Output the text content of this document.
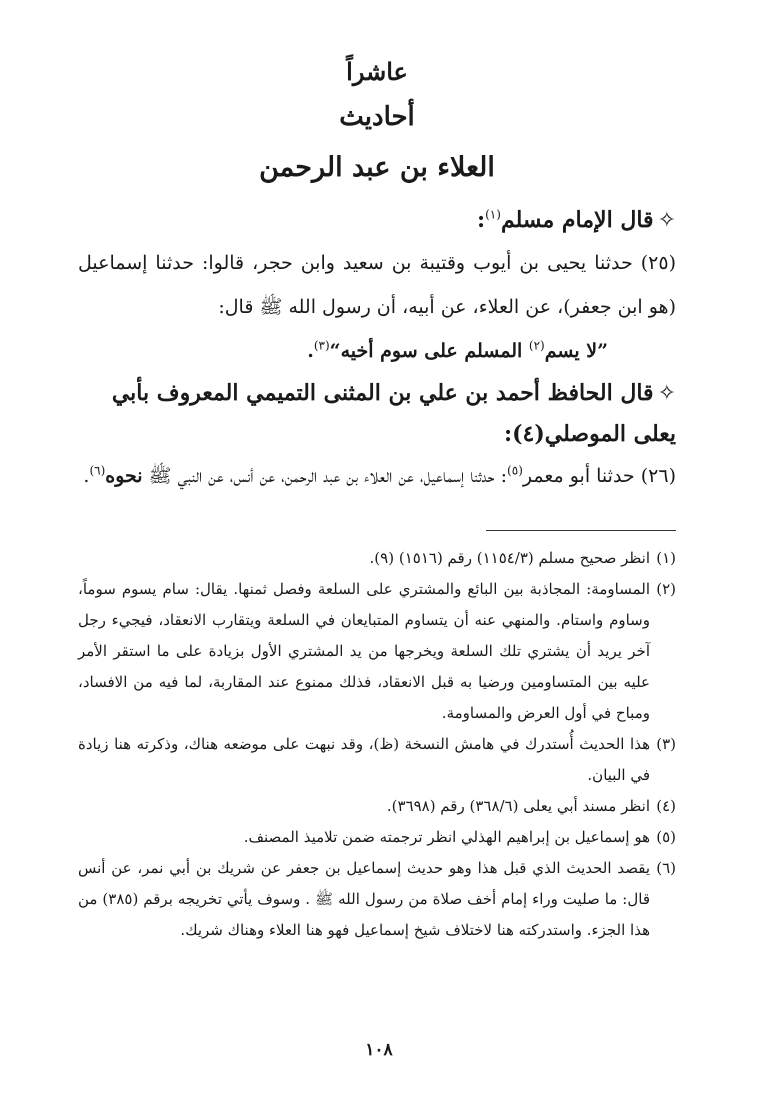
عاشراً
أحاديث
العلاء بن عبد الرحمن

✧قال الإمام مسلم$^{(١)}$:

(٢٥) حدثنا يحيى بن أيوب وقتيبة بن سعيد وابن حجر، قالوا: حدثنا إسماعيل (هو ابن جعفر)، عن العلاء، عن أبيه، أن رسول الله ﷺ قال:

”لا يسم$^{(٢)}$ المسلم على سوم أخيه“$^{(٣)}$.

✧قال الحافظ أحمد بن علي بن المثنى التميمي المعروف بأبي يعلى الموصلي(٤):

(٢٦) حدثنا أبو معمر$^{(٥)}$: حدثنا إسماعيل، عن العلاء بن عبد الرحمن، عن أنس، عن النبي ﷺ نحوه$^{(٦)}$.

(١)
انظر صحيح مسلم (١١٥٤/٣) رقم (١٥١٦) (٩).

(٢)
المساومة: المجاذبة بين البائع والمشتري على السلعة وفصل ثمنها. يقال: سام يسوم سوماً، وساوم واستام. والمنهي عنه أن يتساوم المتبايعان في السلعة ويتقارب الانعقاد، فيجيء رجل آخر يريد أن يشتري تلك السلعة ويخرجها من يد المشتري الأول بزيادة على ما استقر الأمر عليه بين المتساومين ورضيا به قبل الانعقاد، فذلك ممنوع عند المقاربة، لما فيه من الافساد، ومباح في أول العرض والمساومة.

(٣)
هذا الحديث أُستدرك في هامش النسخة (ظ)، وقد نبهت على موضعه هناك، وذكرته هنا زيادة في البيان.

(٤)
انظر مسند أبي يعلى (٣٦٨/٦) رقم (٣٦٩٨).

(٥)
هو إسماعيل بن إبراهيم الهذلي انظر ترجمته ضمن تلاميذ المصنف.

(٦)
يقصد الحديث الذي قبل هذا وهو حديث إسماعيل بن جعفر عن شريك بن أبي نمر، عن أنس قال: ما صليت وراء إمام أخف صلاة من رسول الله ﷺ . وسوف يأتي تخريجه برقم (٣٨٥) من هذا الجزء. واستدركته هنا لاختلاف شيخ إسماعيل فهو هنا العلاء وهناك شريك.

١٠٨
